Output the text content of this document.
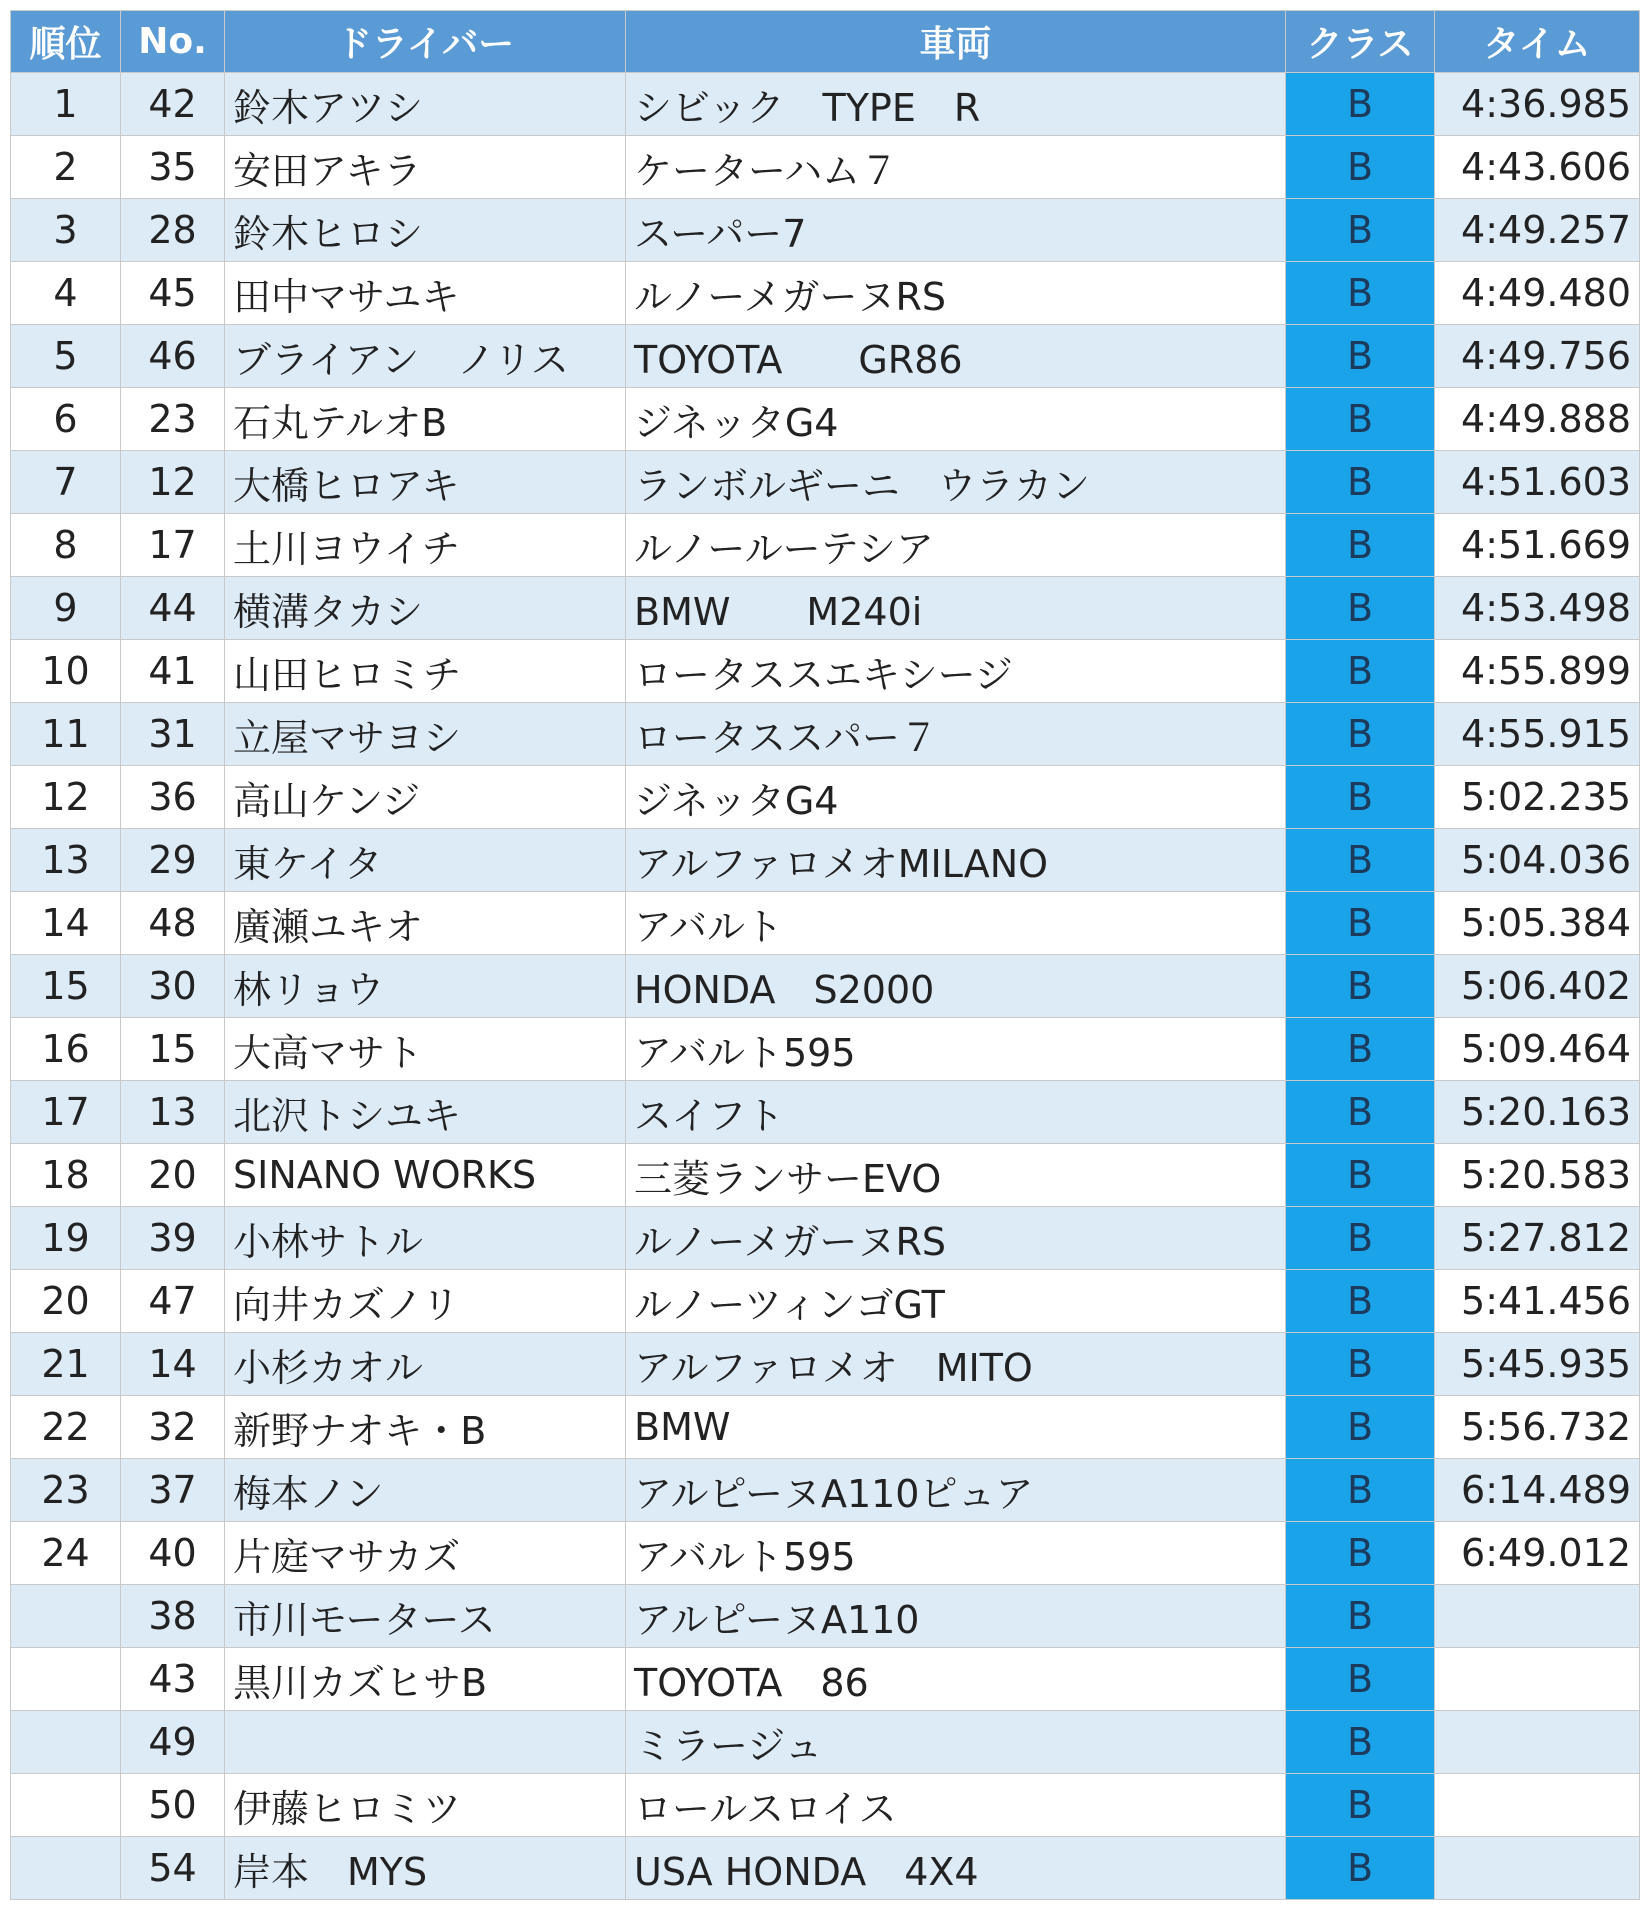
順位	No.	ドライバー	車両	クラス	タイム
1	42	鈴木アツシ	シビック　TYPE　R	B	4:36.985
2	35	安田アキラ	ケーターハム７	B	4:43.606
3	28	鈴木ヒロシ	スーパー7	B	4:49.257
4	45	田中マサユキ	ルノーメガーヌRS	B	4:49.480
5	46	ブライアン　ノリス	TOYOTA　　GR86	B	4:49.756
6	23	石丸テルオB	ジネッタG4	B	4:49.888
7	12	大橋ヒロアキ	ランボルギーニ　ウラカン	B	4:51.603
8	17	土川ヨウイチ	ルノールーテシア	B	4:51.669
9	44	横溝タカシ	BMW　　M240i	B	4:53.498
10	41	山田ヒロミチ	ロータススエキシージ	B	4:55.899
11	31	立屋マサヨシ	ロータススパー７	B	4:55.915
12	36	高山ケンジ	ジネッタG4	B	5:02.235
13	29	東ケイタ	アルファロメオMILANO	B	5:04.036
14	48	廣瀬ユキオ	アバルト	B	5:05.384
15	30	林リョウ	HONDA　S2000	B	5:06.402
16	15	大高マサト	アバルト595	B	5:09.464
17	13	北沢トシユキ	スイフト	B	5:20.163
18	20	SINANO WORKS	三菱ランサーEVO	B	5:20.583
19	39	小林サトル	ルノーメガーヌRS	B	5:27.812
20	47	向井カズノリ	ルノーツィンゴGT	B	5:41.456
21	14	小杉カオル	アルファロメオ　MITO	B	5:45.935
22	32	新野ナオキ・B	BMW	B	5:56.732
23	37	梅本ノン	アルピーヌA110ピュア	B	6:14.489
24	40	片庭マサカズ	アバルト595	B	6:49.012
	38	市川モータース	アルピーヌA110	B	
	43	黒川カズヒサB	TOYOTA　86	B	
	49		ミラージュ	B	
	50	伊藤ヒロミツ	ロールスロイス	B	
	54	岸本　MYS	USA HONDA　4X4	B	
